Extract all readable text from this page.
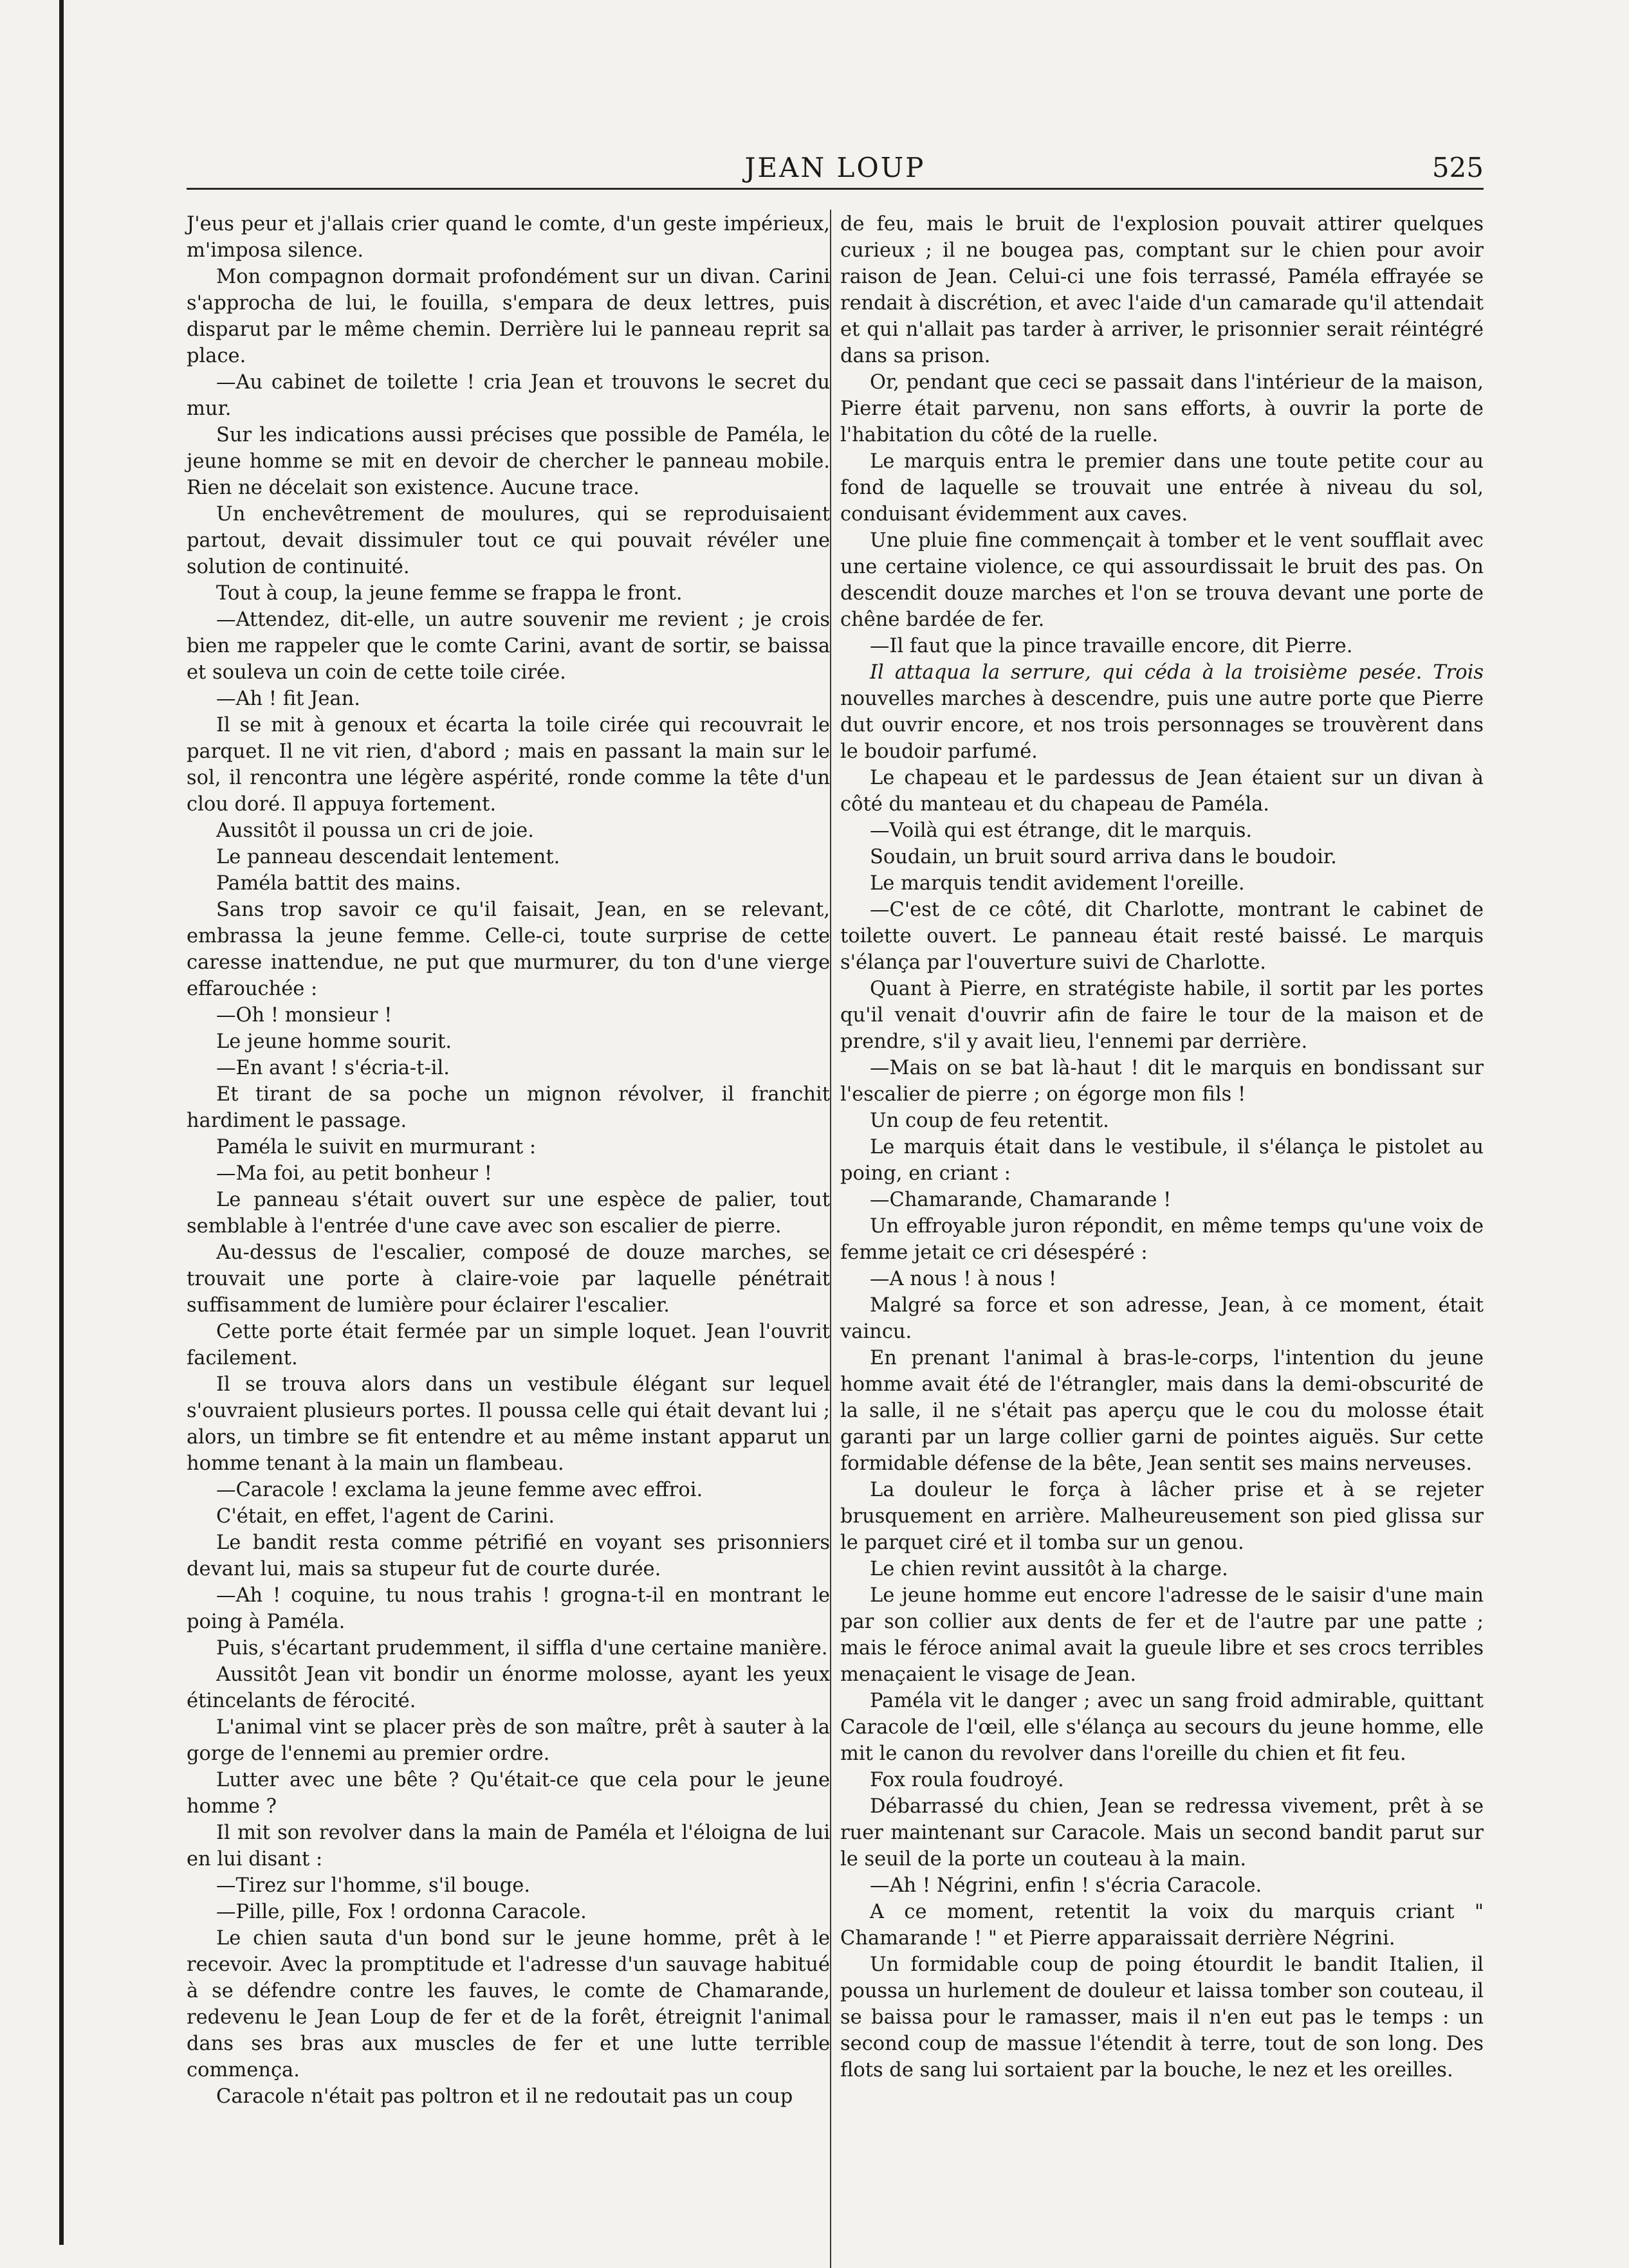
JEAN LOUP	525

J'eus peur et j'allais crier quand le comte, d'un geste impérieux, m'imposa silence.

Mon compagnon dormait profondément sur un divan. Carini s'approcha de lui, le fouilla, s'empara de deux lettres, puis disparut par le même chemin. Derrière lui le panneau reprit sa place.

—Au cabinet de toilette ! cria Jean et trouvons le secret du mur.

Sur les indications aussi précises que possible de Paméla, le jeune homme se mit en devoir de chercher le panneau mobile. Rien ne décelait son existence. Aucune trace.

Un enchevêtrement de moulures, qui se reproduisaient partout, devait dissimuler tout ce qui pouvait révéler une solution de continuité.

Tout à coup, la jeune femme se frappa le front.

—Attendez, dit-elle, un autre souvenir me revient ; je crois bien me rappeler que le comte Carini, avant de sortir, se baissa et souleva un coin de cette toile cirée.

—Ah ! fit Jean.

Il se mit à genoux et écarta la toile cirée qui recouvrait le parquet. Il ne vit rien, d'abord ; mais en passant la main sur le sol, il rencontra une légère aspérité, ronde comme la tête d'un clou doré. Il appuya fortement.

Aussitôt il poussa un cri de joie.

Le panneau descendait lentement.

Paméla battit des mains.

Sans trop savoir ce qu'il faisait, Jean, en se relevant, embrassa la jeune femme. Celle-ci, toute surprise de cette caresse inattendue, ne put que murmurer, du ton d'une vierge effarouchée :

—Oh ! monsieur !

Le jeune homme sourit.

—En avant ! s'écria-t-il.

Et tirant de sa poche un mignon révolver, il franchit hardiment le passage.

Paméla le suivit en murmurant :

—Ma foi, au petit bonheur !

Le panneau s'était ouvert sur une espèce de palier, tout semblable à l'entrée d'une cave avec son escalier de pierre.

Au-dessus de l'escalier, composé de douze marches, se trouvait une porte à claire-voie par laquelle pénétrait suffisamment de lumière pour éclairer l'escalier.

Cette porte était fermée par un simple loquet. Jean l'ouvrit facilement.

Il se trouva alors dans un vestibule élégant sur lequel s'ouvraient plusieurs portes. Il poussa celle qui était devant lui ; alors, un timbre se fit entendre et au même instant apparut un homme tenant à la main un flambeau.

—Caracole ! exclama la jeune femme avec effroi.

C'était, en effet, l'agent de Carini.

Le bandit resta comme pétrifié en voyant ses prisonniers devant lui, mais sa stupeur fut de courte durée.

—Ah ! coquine, tu nous trahis ! grogna-t-il en montrant le poing à Paméla.

Puis, s'écartant prudemment, il siffla d'une certaine manière.

Aussitôt Jean vit bondir un énorme molosse, ayant les yeux étincelants de férocité.

L'animal vint se placer près de son maître, prêt à sauter à la gorge de l'ennemi au premier ordre.

Lutter avec une bête ? Qu'était-ce que cela pour le jeune homme ?

Il mit son revolver dans la main de Paméla et l'éloigna de lui en lui disant :

—Tirez sur l'homme, s'il bouge.

—Pille, pille, Fox ! ordonna Caracole.

Le chien sauta d'un bond sur le jeune homme, prêt à le recevoir. Avec la promptitude et l'adresse d'un sauvage habitué à se défendre contre les fauves, le comte de Chamarande, redevenu le Jean Loup de fer et de la forêt, étreignit l'animal dans ses bras aux muscles de fer et une lutte terrible commença.

Caracole n'était pas poltron et il ne redoutait pas un coup

de feu, mais le bruit de l'explosion pouvait attirer quelques curieux ; il ne bougea pas, comptant sur le chien pour avoir raison de Jean. Celui-ci une fois terrassé, Paméla effrayée se rendait à discrétion, et avec l'aide d'un camarade qu'il attendait et qui n'allait pas tarder à arriver, le prisonnier serait réintégré dans sa prison.

Or, pendant que ceci se passait dans l'intérieur de la maison, Pierre était parvenu, non sans efforts, à ouvrir la porte de l'habitation du côté de la ruelle.

Le marquis entra le premier dans une toute petite cour au fond de laquelle se trouvait une entrée à niveau du sol, conduisant évidemment aux caves.

Une pluie fine commençait à tomber et le vent soufflait avec une certaine violence, ce qui assourdissait le bruit des pas. On descendit douze marches et l'on se trouva devant une porte de chêne bardée de fer.

—Il faut que la pince travaille encore, dit Pierre.

Il attaqua la serrure, qui céda à la troisième pesée. Trois nouvelles marches à descendre, puis une autre porte que Pierre dut ouvrir encore, et nos trois personnages se trouvèrent dans le boudoir parfumé.

Le chapeau et le pardessus de Jean étaient sur un divan à côté du manteau et du chapeau de Paméla.

—Voilà qui est étrange, dit le marquis.

Soudain, un bruit sourd arriva dans le boudoir.

Le marquis tendit avidement l'oreille.

—C'est de ce côté, dit Charlotte, montrant le cabinet de toilette ouvert. Le panneau était resté baissé. Le marquis s'élança par l'ouverture suivi de Charlotte.

Quant à Pierre, en stratégiste habile, il sortit par les portes qu'il venait d'ouvrir afin de faire le tour de la maison et de prendre, s'il y avait lieu, l'ennemi par derrière.

—Mais on se bat là-haut ! dit le marquis en bondissant sur l'escalier de pierre ; on égorge mon fils !

Un coup de feu retentit.

Le marquis était dans le vestibule, il s'élança le pistolet au poing, en criant :

—Chamarande, Chamarande !

Un effroyable juron répondit, en même temps qu'une voix de femme jetait ce cri désespéré :

—A nous ! à nous !

Malgré sa force et son adresse, Jean, à ce moment, était vaincu.

En prenant l'animal à bras-le-corps, l'intention du jeune homme avait été de l'étrangler, mais dans la demi-obscurité de la salle, il ne s'était pas aperçu que le cou du molosse était garanti par un large collier garni de pointes aiguës. Sur cette formidable défense de la bête, Jean sentit ses mains nerveuses.

La douleur le força à lâcher prise et à se rejeter brusquement en arrière. Malheureusement son pied glissa sur le parquet ciré et il tomba sur un genou.

Le chien revint aussitôt à la charge.

Le jeune homme eut encore l'adresse de le saisir d'une main par son collier aux dents de fer et de l'autre par une patte ; mais le féroce animal avait la gueule libre et ses crocs terribles menaçaient le visage de Jean.

Paméla vit le danger ; avec un sang froid admirable, quittant Caracole de l'œil, elle s'élança au secours du jeune homme, elle mit le canon du revolver dans l'oreille du chien et fit feu.

Fox roula foudroyé.

Débarrassé du chien, Jean se redressa vivement, prêt à se ruer maintenant sur Caracole. Mais un second bandit parut sur le seuil de la porte un couteau à la main.

—Ah ! Négrini, enfin ! s'écria Caracole.

A ce moment, retentit la voix du marquis criant " Chamarande ! " et Pierre apparaissait derrière Négrini.

Un formidable coup de poing étourdit le bandit Italien, il poussa un hurlement de douleur et laissa tomber son couteau, il se baissa pour le ramasser, mais il n'en eut pas le temps : un second coup de massue l'étendit à terre, tout de son long. Des flots de sang lui sortaient par la bouche, le nez et les oreilles.
